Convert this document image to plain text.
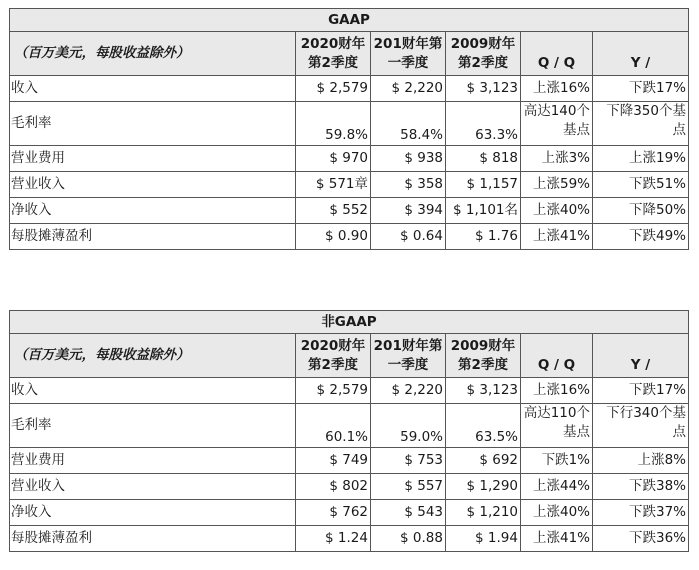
GAAP					
（百万美元，每股收益除外）	2020财年第2季度	201财年第一季度	2009财年第2季度	Q / Q	Y /
收入	$ 2,579	$ 2,220	$ 3,123	上涨16%	下跌17%
毛利率	59.8%	58.4%	63.3%	高达140个基点	下降350个基点
营业费用	$ 970	$ 938	$ 818	上涨3%	上涨19%
营业收入	$ 571章	$ 358	$ 1,157	上涨59%	下跌51%
净收入	$ 552	$ 394	$ 1,101名	上涨40%	下降50%
每股摊薄盈利	$ 0.90	$ 0.64	$ 1.76	上涨41%	下跌49%
非GAAP					
（百万美元，每股收益除外）	2020财年第2季度	201财年第一季度	2009财年第2季度	Q / Q	Y /
收入	$ 2,579	$ 2,220	$ 3,123	上涨16%	下跌17%
毛利率	60.1%	59.0%	63.5%	高达110个基点	下行340个基点
营业费用	$ 749	$ 753	$ 692	下跌1%	上涨8%
营业收入	$ 802	$ 557	$ 1,290	上涨44%	下跌38%
净收入	$ 762	$ 543	$ 1,210	上涨40%	下跌37%
每股摊薄盈利	$ 1.24	$ 0.88	$ 1.94	上涨41%	下跌36%
